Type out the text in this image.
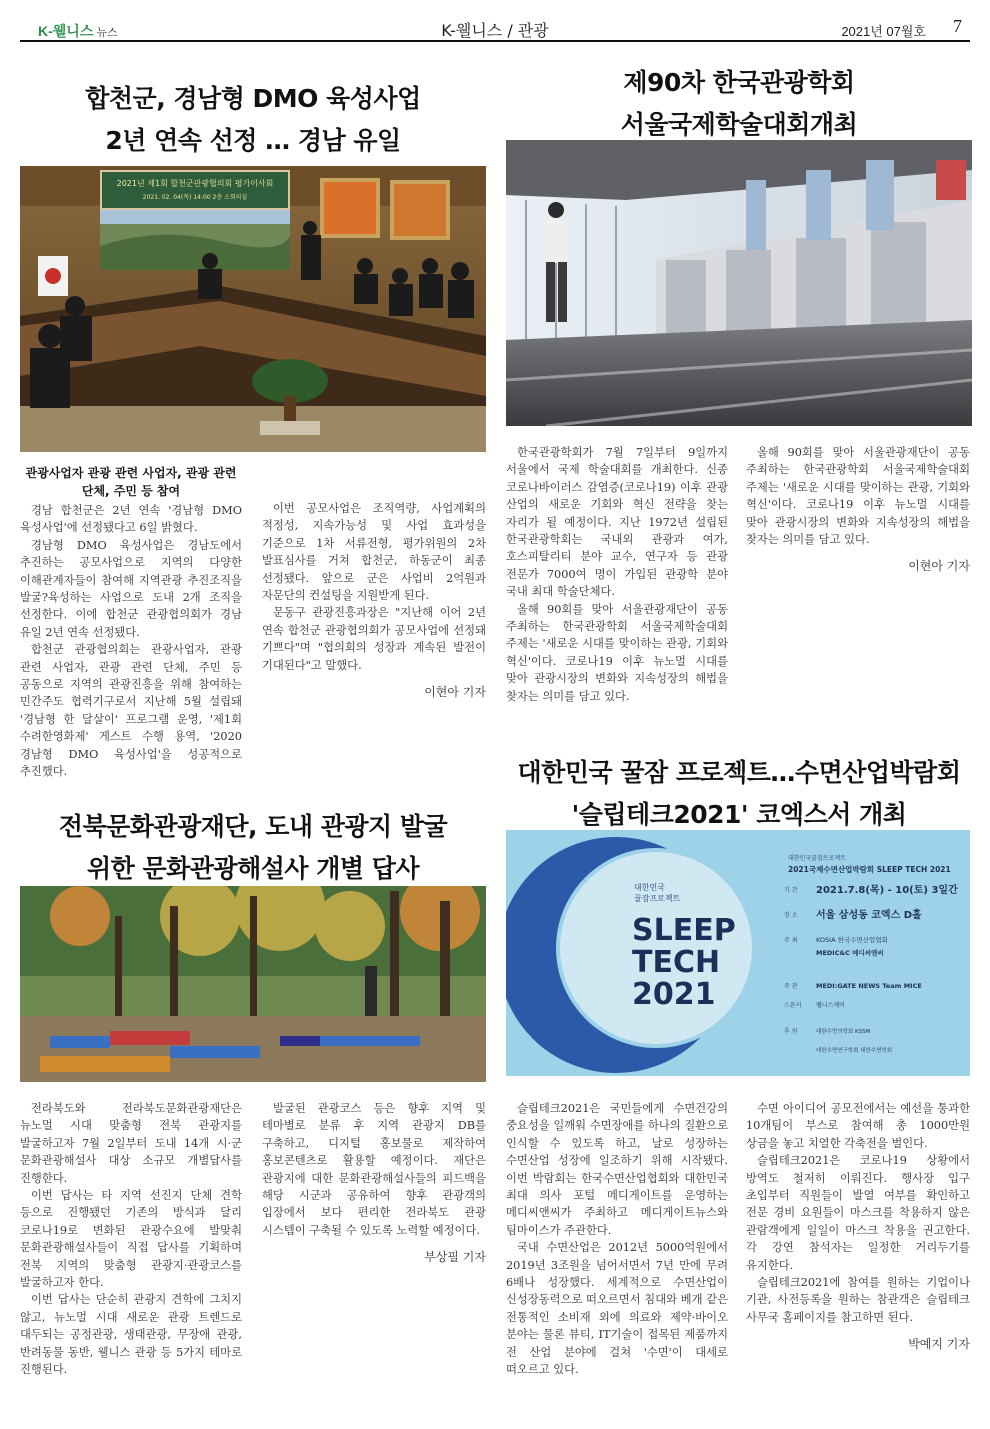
K-웰니스 뉴스	K-웰니스 / 관광	2021년 07월호 7
합천군, 경남형 DMO 육성사업
2년 연속 선정 … 경남 유일
2021년 제1회 합천군관광협의회 평가이사회
2021. 02. 04(목) 14:00 2층 소회의실
관광사업자 관광 관련 사업자, 관광 관련 단체, 주민 등 참여

경남 합천군은 2년 연속 '경남형 DMO 육성사업'에 선정됐다고 6일 밝혔다.

경남형 DMO 육성사업은 경남도에서 추진하는 공모사업으로 지역의 다양한 이해관계자들이 참여해 지역관광 추진조직을 발굴?육성하는 사업으로 도내 2개 조직을 선정한다. 이에 합천군 관광협의회가 경남 유일 2년 연속 선정됐다.

합천군 관광협의회는 관광사업자, 관광 관련 사업자, 관광 관련 단체, 주민 등 공동으로 지역의 관광진흥을 위해 참여하는 민간주도 협력기구로서 지난해 5월 설립돼 '경남형 한 달살이' 프로그램 운영, '제1회 수려한영화제' 게스트 수행 용역, '2020 경남형 DMO 육성사업'을 성공적으로 추진했다.

이번 공모사업은 조직역량, 사업계획의 적정성, 지속가능성 및 사업 효과성을 기준으로 1차 서류전형, 평가위원의 2차 발표심사를 거쳐 합천군, 하동군이 최종 선정됐다. 앞으로 군은 사업비 2억원과 자문단의 컨설팅을 지원받게 된다.

문동구 관광진흥과장은 "지난해 이어 2년 연속 합천군 관광협의회가 공모사업에 선정돼 기쁘다"며 "협의회의 성장과 계속된 발전이 기대된다"고 말했다.

이현아 기자
제90차 한국관광학회
서울국제학술대회개최

한국관광학회가 7월 7일부터 9일까지 서울에서 국제 학술대회를 개최한다. 신종 코로나바이러스 감염증(코로나19) 이후 관광 산업의 새로운 기회와 혁신 전략을 찾는 자리가 될 예정이다. 지난 1972년 설립된 한국관광학회는 국내외 관광과 여가, 호스피탈리티 분야 교수, 연구자 등 관광 전문가 7000여 명이 가입된 관광학 분야 국내 최대 학술단체다.

올해 90회를 맞아 서울관광재단이 공동 주최하는 한국관광학회 서울국제학술대회 주제는 '새로운 시대를 맞이하는 관광, 기회와 혁신'이다. 코로나19 이후 뉴노멀 시대를 맞아 관광시장의 변화와 지속성장의 해법을 찾자는 의미를 담고 있다.

올해 90회를 맞아 서울관광재단이 공동 주최하는 한국관광학회 서울국제학술대회 주제는 '새로운 시대를 맞이하는 관광, 기회와 혁신'이다. 코로나19 이후 뉴노멀 시대를 맞아 관광시장의 변화와 지속성장의 해법을 찾자는 의미를 담고 있다.

이현아 기자
전북문화관광재단, 도내 관광지 발굴
위한 문화관광해설사 개별 답사

전라북도와 전라북도문화관광재단은 뉴노멀 시대 맞춤형 전북 관광지를 발굴하고자 7월 2일부터 도내 14개 시·군 문화관광해설사 대상 소규모 개별답사를 진행한다.

이번 답사는 타 지역 선진지 단체 견학 등으로 진행됐던 기존의 방식과 달리 코로나19로 변화된 관광수요에 발맞춰 문화관광해설사들이 직접 답사를 기획하며 전북 지역의 맞춤형 관광지·관광코스를 발굴하고자 한다.

이번 답사는 단순히 관광지 견학에 그치지 않고, 뉴노멀 시대 새로운 관광 트렌드로 대두되는 공정관광, 생태관광, 무장애 관광, 반려동물 동반, 웰니스 관광 등 5가지 테마로 진행된다.

발굴된 관광코스 등은 향후 지역 및 테마별로 분류 후 지역 관광지 DB를 구축하고, 디지털 홍보물로 제작하여 홍보콘텐츠로 활용할 예정이다. 재단은 관광지에 대한 문화관광해설사들의 피드백을 해당 시군과 공유하여 향후 관광객의 입장에서 보다 편리한 전라북도 관광 시스템이 구축될 수 있도록 노력할 예정이다.

부상필 기자
대한민국 꿀잠 프로젝트…수면산업박람회
'슬립테크2021' 코엑스서 개최
대한민국
꿀잠프로젝트
SLEEP
TECH
2021
대한민국꿀잠프로젝트
2021국제수면산업박람회 SLEEP TECH 2021
기 간 2021.7.8(목) - 10(토) 3일간
장 소 서울 삼성동 코엑스 D홀
주 최	KOSIA 한국수면산업협회
MEDIC&C 메디씨앤씨
주 관	MEDI:GATE NEWS Team MICE
스폰서 웰니스케어
후 원	대한수면의학회 KSSM
대한수면연구학회 대한수면학회

슬립테크2021은 국민들에게 수면건강의 중요성을 일깨워 수면장애를 하나의 질환으로 인식할 수 있도록 하고, 날로 성장하는 수면산업 성장에 일조하기 위해 시작됐다. 이번 박람회는 한국수면산업협회와 대한민국 최대 의사 포털 메디게이트를 운영하는 메디씨앤씨가 주최하고 메디게이트뉴스와 팀마이스가 주관한다.

국내 수면산업은 2012년 5000억원에서 2019년 3조원을 넘어서면서 7년 만에 무려 6배나 성장했다. 세계적으로 수면산업이 신성장동력으로 떠오르면서 침대와 베개 같은 전통적인 소비재 외에 의료와 제약·바이오 분야는 물론 뷰티, IT기술이 접목된 제품까지 전 산업 분야에 걸쳐 '수면'이 대세로 떠오르고 있다.

수면 아이디어 공모전에서는 예선을 통과한 10개팀이 부스로 참여해 총 1000만원 상금을 놓고 치열한 각축전을 벌인다.

슬립테크2021은 코로나19 상황에서 방역도 철저히 이뤄진다. 행사장 입구 초입부터 직원들이 발열 여부를 확인하고 전문 경비 요원들이 마스크를 착용하지 않은 관람객에게 일일이 마스크 착용을 권고한다. 각 강연 참석자는 일정한 거리두기를 유지한다.

슬립테크2021에 참여를 원하는 기업이나 기관, 사전등록을 원하는 참관객은 슬립테크 사무국 홈페이지를 참고하면 된다.

박예지 기자
